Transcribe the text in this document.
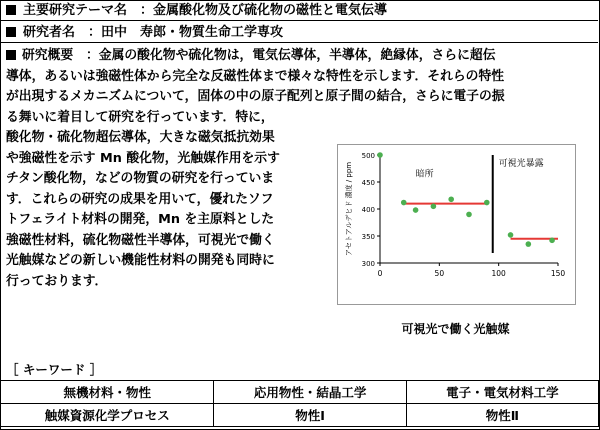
主要研究テーマ名　 ：金属酸化物及び硫化物の磁性と電気伝導
研究者名　 ：田中　寿郎・物質生命工学専攻
研究概要　 ：金属の酸化物や硫化物は，電気伝導体，半導体，絶縁体，さらに超伝
導体，あるいは強磁性体から完全な反磁性体まで様々な特性を示します．それらの特性
が出現するメカニズムについて，固体の中の原子配列と原子間の結合，さらに電子の振
る舞いに着目して研究を行っています．特に，
酸化物・硫化物超伝導体，大きな磁気抵抗効果
や強磁性を示す Mn 酸化物，光触媒作用を示す
チタン酸化物，などの物質の研究を行っていま
す．これらの研究の成果を用いて，優れたソフ
トフェライト材料の開発，Mn を主原料とした
強磁性材料，硫化物磁性半導体，可視光で働く
光触媒などの新しい機能性材料の開発も同時に
行っております．
300
350
400
450
500
0	50	100	150
アセトアルデヒド 濃度 / ppm	暗所
可視光暴露
可視光で働く光触媒
［ キーワード ］
無機材料・物性	応用物性・結晶工学	電子・電気材料工学
触媒資源化学プロセス	物性Ⅰ	物性Ⅱ
